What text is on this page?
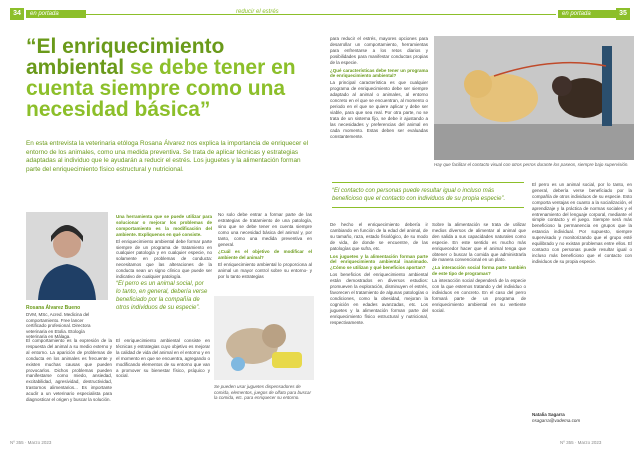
34	en portada	reducir el estrés
“El enriquecimiento ambiental se debe tener en cuenta siempre como una necesidad básica”

En esta entrevista la veterinaria etóloga Rosana Álvarez nos explica la importancia de enriquecer el entorno de los animales, como una medida preventiva. Se trata de aplicar técnicas y estrategias adaptadas al individuo que le ayudarán a reducir el estrés. Los juguetes y la alimentación forman parte del enriquecimiento físico estructural y nutricional.

Rosana Álvarez Bueno
DVM, MSc, Acred. Medicina del comportamiento. Free lancer certificado profesional. Directora veterinaria en Etolia. Etología veterinaria en Málaga.
Una herramienta que se puede utilizar para solucionar o mejorar los problemas de comportamiento es la modificación del ambiente. Explíquenos en qué consiste.
El enriquecimiento ambiental debe formar parte siempre de un programa de tratamiento en cualquier patología y en cualquier especie, no solamente en problemas de conducta: necesitamos que las alteraciones de la conducta sean un signo clínico que puede ser indicativo de cualquier patología.
No solo debe entrar a formar parte de las estrategias de tratamiento de una patología, sino que se debe tener en cuenta siempre como una necesidad básica del animal y, por tanto, como una medida preventiva en general.
¿Cuál es el objetivo de modificar el ambiente del animal?
El enriquecimiento ambiental lo proporciona al animal un mayor control sobre su entorno- y por lo tanto estrategias
“El perro es un animal social, por lo tanto, en general, debería verse beneficiado por la compañía de otros individuos de su especie”.
El comportamiento es la expresión de la respuesta del animal a su medio externo y al entorno. La aparición de problemas de conducta en los animales es frecuente y existen muchas causas que pueden provocarlos. Dichos problemas pueden manifestarse como miedo, ansiedad, excitabilidad, agresividad, destructividad, trastornos alimentarios... Es importante acudir a un veterinario especialista para diagnosticar el origen y buscar la solución.
El enriquecimiento ambiental consiste en técnicas y estrategias cuyo objetivo es mejorar la calidad de vida del animal en el entorno y en el momento en que se encuentra, agregando o modificando elementos de su entorno que van a promover su bienestar físico, psíquico y social.
Se pueden usar juguetes dispensadores de comida, elementos, juegos de olfato para buscar la comida, etc. para enriquecer su entorno.
Nº 355 · Marzo 2023
en portada	35
para reducir el estrés, mayores opciones para desarrollar un comportamiento, herramientas para enfrentarse a los retos diarios y posibilidades para manifestar conductas propias de la especie.
¿Qué características debe tener un programa de enriquecimiento ambiental?
La principal característica es que cualquier programa de enriquecimiento debe ser siempre adaptado al animal o animales, al entorno concreto en el que se encuentran, al momento o periodo en el que se quiere aplicar y debe ser viable, para que sea real. Por otra parte, no se trata de un sistema fijo, se debe ir ajustando a las necesidades y preferencias del animal en cada momento. Estas deben ser evaluadas constantemente.
Hay que facilitar el contacto visual con otros perros durante los paseos, siempre bajo supervisión.
“El contacto con personas puede resultar igual o incluso más beneficioso que el contacto con individuos de su propia especie”.
De hecho el enriquecimiento debería ir cambiando en función de la edad del animal, de su tamaño, raza, estado fisiológico, de su modo de vida, de donde se encuentre, de las patologías que sufra, etc.
Los juguetes y la alimentación forman parte del enriquecimiento ambiental inanimado. ¿Cómo se utilizan y qué beneficios aportan?
Los beneficios del enriquecimiento ambiental están demostrados en diversos estudios: promueven la exploración, disminuyen el estrés, favorecen el tratamiento de algunas patologías o condiciones, como la obesidad, mejoran la cognición en edades avanzadas, etc. Los juguetes y la alimentación forman parte del enriquecimiento físico estructural y nutricional, respectivamente.
Sobre la alimentación se trata de utilizar medios diversos de alimentar al animal que den salida a sus capacidades naturales como especie. En este sentido es mucho más enriquecedor hacer que el animal tenga que obtener o buscar la comida que administrarla de manera convencional en un plato.
¿La interacción social forma parte también de este tipo de programas?
La interacción social dependerá de la especie con la que estemos tratando y del individuo o individuos en concreto. En el caso del perro formará parte de un programa de enriquecimiento ambiental en su vertiente social.
El perro es un animal social, por lo tanto, en general, debería verse beneficiado por la compañía de otros individuos de su especie. Esto comporta ventajas en cuanto a la socialización, el aprendizaje y la práctica de normas sociales y el entrenamiento del lenguaje corporal, mediante el simple contacto y el juego. Siempre será más beneficioso la permanencia en grupos que la estancia individual. Por supuesto, siempre supervisado y monitorizando que el grupo esté equilibrado y no existan problemas entre ellos. El contacto con personas puede resultar igual o incluso más beneficioso que el contacto con individuos de su propia especie.
Natalia Sagarra
nsagarra@vadema.com
Nº 355 · Marzo 2023
